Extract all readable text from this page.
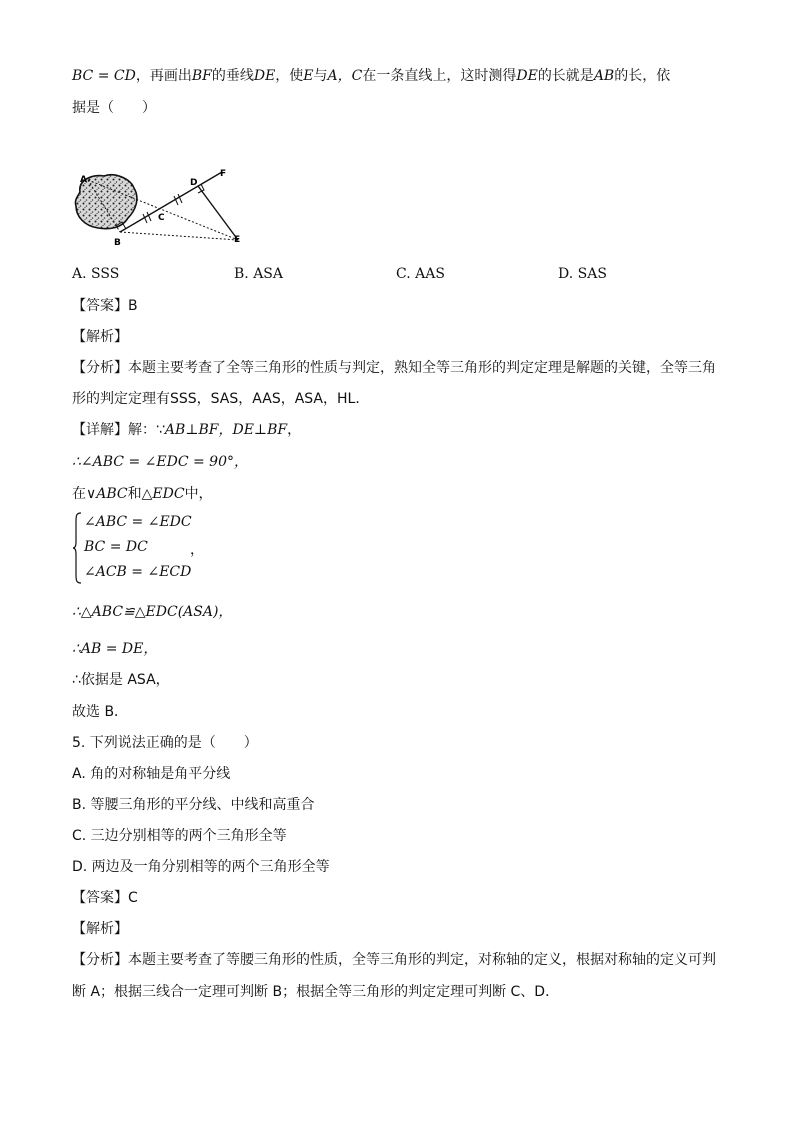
BC = CD，再画出BF的垂线DE，使E与A，C在一条直线上，这时测得DE的长就是AB的长，依
据是（　　）
A
B
C
D
E
F
A. SSS	B. ASA	C. AAS	D. SAS
【答案】B
【解析】
【分析】本题主要考查了全等三角形的性质与判定，熟知全等三角形的判定定理是解题的关键，全等三角
形的判定定理有SSS，SAS，AAS，ASA，HL．
【详解】解：∵AB⊥BF，DE⊥BF，
∴∠ABC = ∠EDC = 90°，
在∨ABC和△EDC中，
∠ABC = ∠EDC
BC = DC
∠ACB = ∠ECD
，
∴△ABC≌△EDC(ASA)，
∴AB = DE，
∴依据是 ASA，
故选 B．
5. 下列说法正确的是（　　）
A. 角的对称轴是角平分线
B. 等腰三角形的平分线、中线和高重合
C. 三边分别相等的两个三角形全等
D. 两边及一角分别相等的两个三角形全等
【答案】C
【解析】
【分析】本题主要考查了等腰三角形的性质，全等三角形的判定，对称轴的定义，根据对称轴的定义可判
断 A；根据三线合一定理可判断 B；根据全等三角形的判定定理可判断 C、D．
